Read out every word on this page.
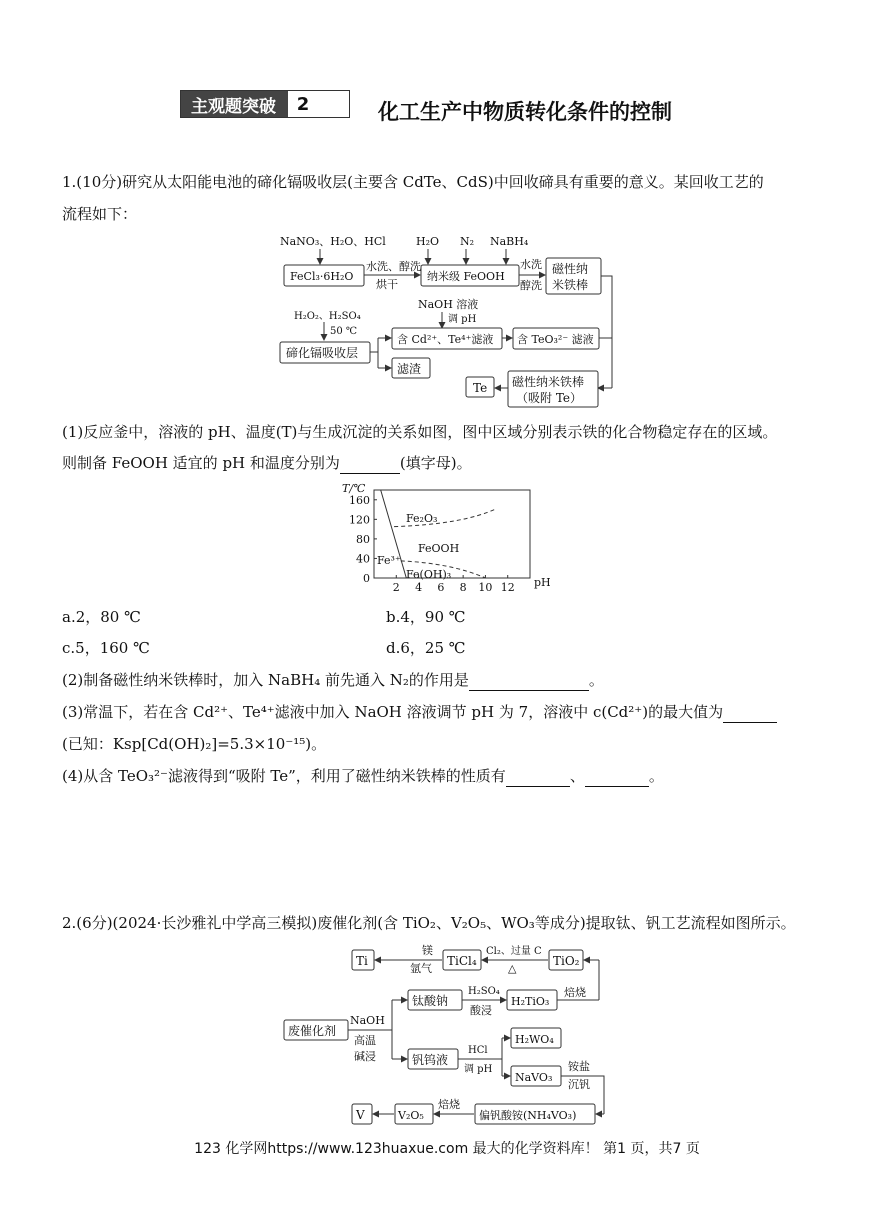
主观题突破	2	化工生产中物质转化条件的控制
1.(10分)研究从太阳能电池的碲化镉吸收层(主要含 CdTe、CdS)中回收碲具有重要的意义。某回收工艺的
流程如下：
NaNO₃、H₂O、HCl	H₂O N₂ NaBH₄
FeCl₃·6H₂O
水洗、醇洗
烘干
纳米级 FeOOH
水洗
醇洗
磁性纳
米铁棒
H₂O₂、H₂SO₄
50 ℃
NaOH 溶液
调 pH
碲化镉吸收层
含 Cd²⁺、Te⁴⁺滤液 含 TeO₃²⁻ 滤液
滤渣
Te 磁性纳米铁棒
（吸附 Te）
(1)反应釜中，溶液的 pH、温度(T)与生成沉淀的关系如图，图中区域分别表示铁的化合物稳定存在的区域。
则制备 FeOOH 适宜的 pH 和温度分别为	(填字母)。
T/℃
0
40
80
120
160
2 4 6 8 10 12 pH
Fe₂O₃
FeOOH
Fe³⁺
Fe(OH)₃
a.2，80 ℃	b.4，90 ℃
c.5，160 ℃	d.6，25 ℃
(2)制备磁性纳米铁棒时，加入 NaBH₄ 前先通入 N₂的作用是	。
(3)常温下，若在含 Cd²⁺、Te⁴⁺滤液中加入 NaOH 溶液调节 pH 为 7，溶液中 c(Cd²⁺)的最大值为
(已知：Ksp[Cd(OH)₂]=5.3×10⁻¹⁵)。
(4)从含 TeO₃²⁻滤液得到“吸附 Te”，利用了磁性纳米铁棒的性质有	、	。
2.(6分)(2024·长沙雅礼中学高三模拟)废催化剂(含 TiO₂、V₂O₅、WO₃等成分)提取钛、钒工艺流程如图所示。
Ti
镁
氩气
TiCl₄
Cl₂、过量 C
△
TiO₂
钛酸钠
H₂SO₄
酸浸
H₂TiO₃
焙烧
废催化剂
NaOH
高温
碱浸	钒钨液
HCl
调 pH
H₂WO₄
NaVO₃
铵盐
沉钒
V	V₂O₅
焙烧
偏钒酸铵(NH₄VO₃)
123 化学网https://www.123huaxue.com 最大的化学资料库！ 第1 页，共7 页
